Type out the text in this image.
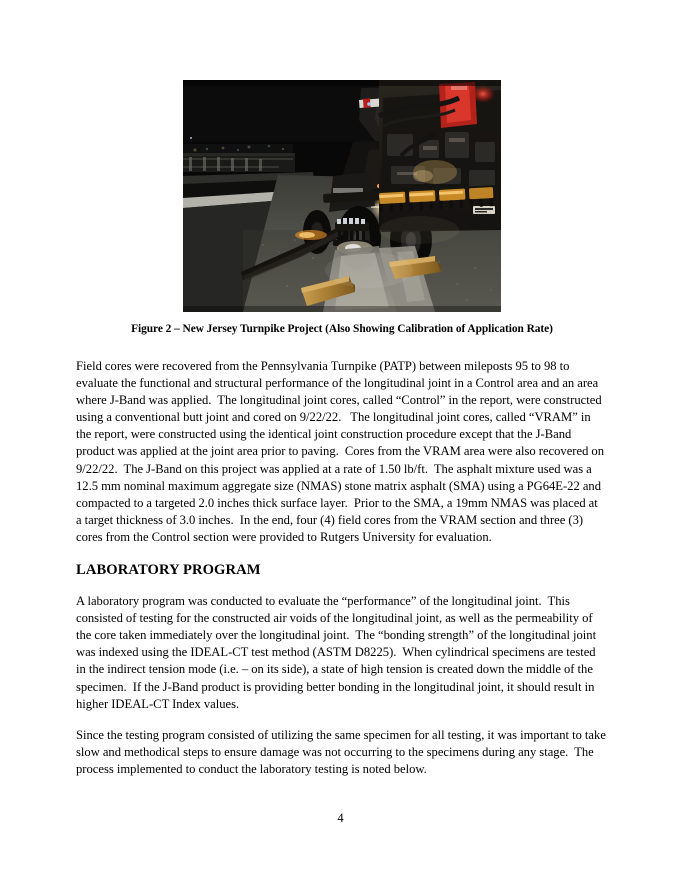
Figure 2 – New Jersey Turnpike Project (Also Showing Calibration of Application Rate)

Field cores were recovered from the Pennsylvania Turnpike (PATP) between mileposts 95 to 98 to evaluate the functional and structural performance of the longitudinal joint in a Control area and an area where J-Band was applied.  The longitudinal joint cores, called “Control” in the report, were constructed using a conventional butt joint and cored on 9/22/22.   The longitudinal joint cores, called “VRAM” in the report, were constructed using the identical joint construction procedure except that the J-Band product was applied at the joint area prior to paving.  Cores from the VRAM area were also recovered on 9/22/22.  The J-Band on this project was applied at a rate of 1.50 lb/ft.  The asphalt mixture used was a 12.5 mm nominal maximum aggregate size (NMAS) stone matrix asphalt (SMA) using a PG64E-22 and compacted to a targeted 2.0 inches thick surface layer.  Prior to the SMA, a 19mm NMAS was placed at a target thickness of 3.0 inches.  In the end, four (4) field cores from the VRAM section and three (3) cores from the Control section were provided to Rutgers University for evaluation.

LABORATORY PROGRAM

A laboratory program was conducted to evaluate the “performance” of the longitudinal joint.  This consisted of testing for the constructed air voids of the longitudinal joint, as well as the permeability of the core taken immediately over the longitudinal joint.  The “bonding strength” of the longitudinal joint was indexed using the IDEAL-CT test method (ASTM D8225).  When cylindrical specimens are tested in the indirect tension mode (i.e. – on its side), a state of high tension is created down the middle of the specimen.  If the J-Band product is providing better bonding in the longitudinal joint, it should result in higher IDEAL-CT Index values.

Since the testing program consisted of utilizing the same specimen for all testing, it was important to take slow and methodical steps to ensure damage was not occurring to the specimens during any stage.  The process implemented to conduct the laboratory testing is noted below.

4
